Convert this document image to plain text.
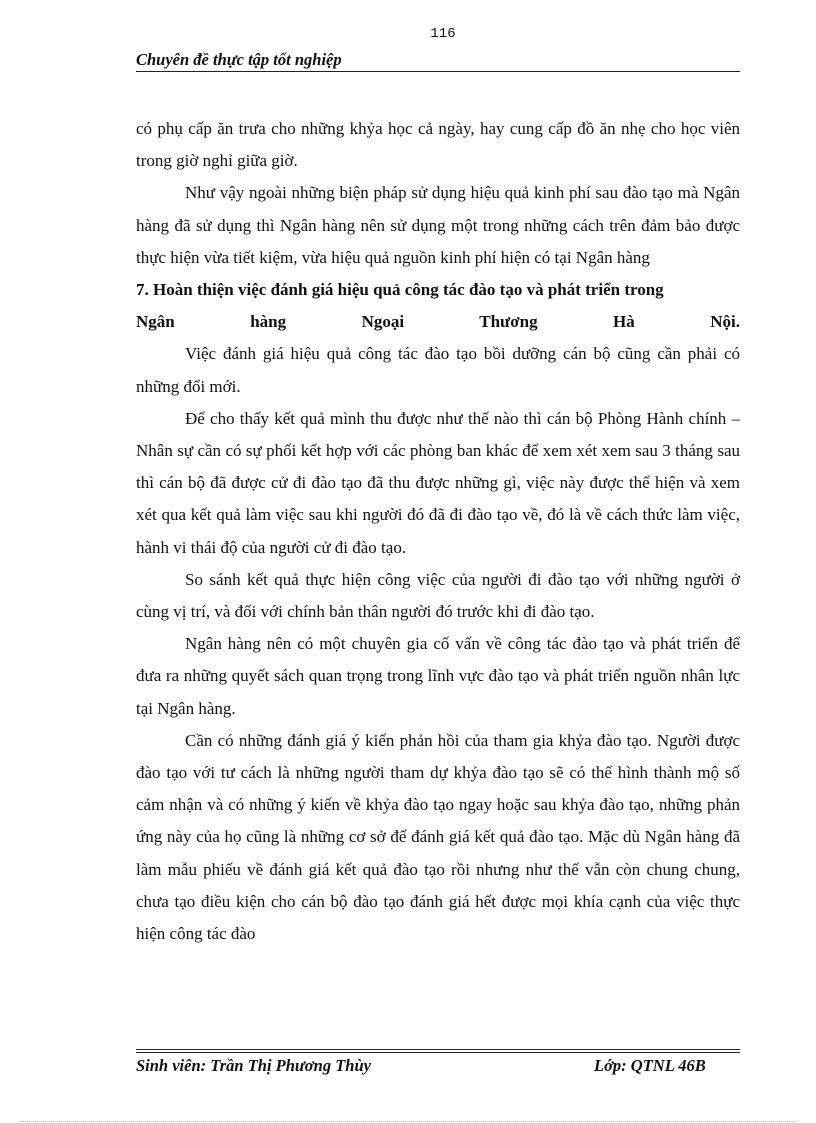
116
Chuyên đề thực tập tốt nghiệp

có phụ cấp ăn trưa cho những khỷa học cả ngày, hay cung cấp đồ ăn nhẹ cho học viên trong giờ nghỉ giữa giờ.

Như vậy ngoài những biện pháp sử dụng hiệu quả kinh phí sau đào tạo mà Ngân hàng đã sử dụng thì Ngân hàng nên sử dụng một trong những cách trên đảm bảo được thực hiện vừa tiết kiệm, vừa hiệu quả nguồn kinh phí hiện có tại Ngân hàng

7. Hoàn thiện việc đánh giá hiệu quả công tác đào tạo và phát triển trong

Ngân hàng Ngoại Thương Hà Nội.

Việc đánh giá hiệu quả công tác đào tạo bồi dưỡng cán bộ cũng cần phải có những đổi mới.

Để cho thấy kết quả mình thu được như thế nào thì cán bộ Phòng Hành chính – Nhân sự cần có sự phối kết hợp với các phòng ban khác để xem xét xem sau 3 tháng sau thì cán bộ đã được cử đi đào tạo đã thu được những gì, việc này được thể hiện và xem xét qua kết quả làm việc sau khi người đó đã đi đào tạo về, đó là về cách thức làm việc, hành vi thái độ của người cử đi đào tạo.

So sánh kết quả thực hiện công việc của người đi đào tạo với những người ở cùng vị trí, và đối với chính bản thân người đó trước khi đi đào tạo.

Ngân hàng nên có một chuyên gia cố vấn về công tác đào tạo và phát triển để đưa ra những quyết sách quan trọng trong lĩnh vực đào tạo và phát triển nguồn nhân lực tại Ngân hàng.

Cần có những đánh giá ý kiến phản hồi của tham gia khỷa đào tạo. Người được đào tạo với tư cách là những người tham dự khỷa đào tạo sẽ có thể hình thành mộ số cảm nhận và có những ý kiến về khỷa đào tạo ngay hoặc sau khỷa đào tạo, những phản ứng này của họ cũng là những cơ sở để đánh giá kết quả đào tạo. Mặc dù Ngân hàng đã làm mẫu phiếu về đánh giá kết quả đào tạo rồi nhưng như thế vẫn còn chung chung, chưa tạo điều kiện cho cán bộ đào tạo đánh giá hết được mọi khía cạnh của việc thực hiện công tác đào

Sinh viên: Trần Thị Phương Thùy	Lớp: QTNL 46B
